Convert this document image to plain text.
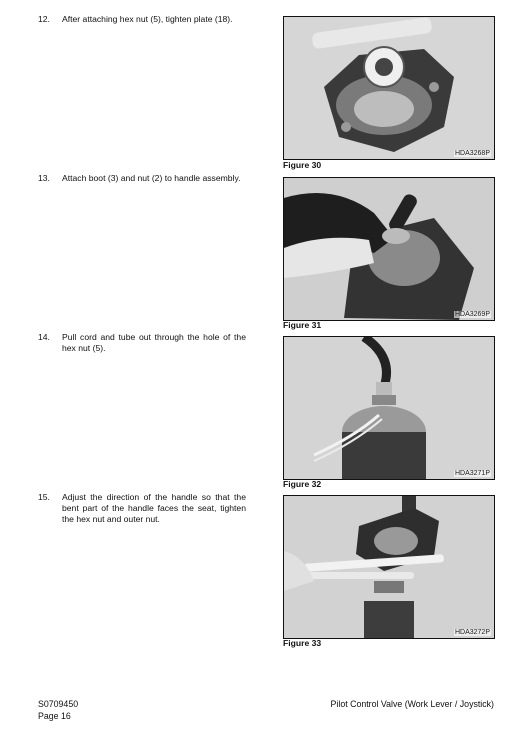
12. After attaching hex nut (5), tighten plate (18).
13. Attach boot (3) and nut (2) to handle assembly.
14. Pull cord and tube out through the hole of the hex nut (5).
15. Adjust the direction of the handle so that the bent part of the handle faces the seat, tighten the hex nut and outer nut.
HDA3268P
Figure 30
HDA3269P
Figure 31
HDA3271P
Figure 32
HDA3272P
Figure 33
S0709450
Page 16
Pilot Control Valve (Work Lever / Joystick)
